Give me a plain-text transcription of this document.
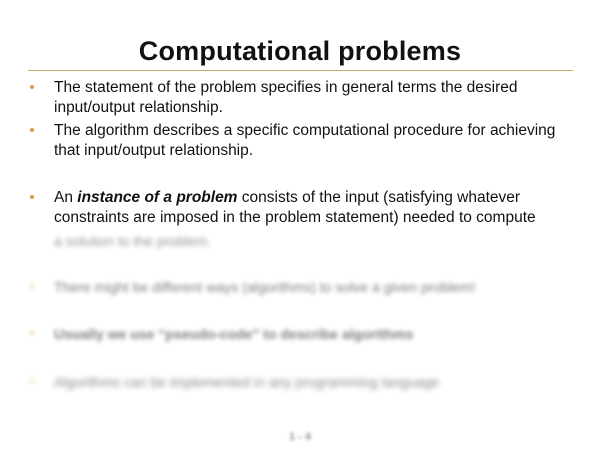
Computational problems
The statement of the problem specifies in general terms the desired input/output relationship.
The algorithm describes a specific computational procedure for achieving that input/output relationship.
An instance of a problem consists of the input (satisfying whatever constraints are imposed in the problem statement) needed to compute
a solution to the problem.
There might be different ways (algorithms) to solve a given problem!
Usually we use “pseudo-code” to describe algorithms
Algorithms can be implemented in any programming language
1 - 4
